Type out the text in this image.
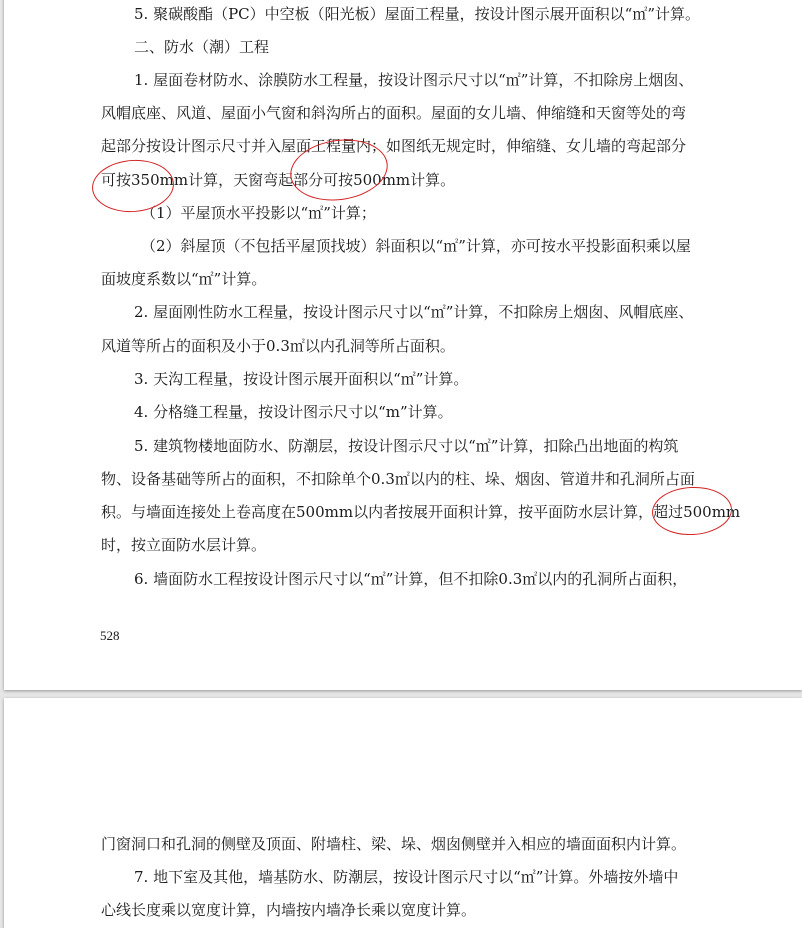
5. 聚碳酸酯（PC）中空板（阳光板）屋面工程量，按设计图示展开面积以“㎡”计算。
二、防水（潮）工程
1. 屋面卷材防水、涂膜防水工程量，按设计图示尺寸以“㎡”计算，不扣除房上烟囱、
风帽底座、风道、屋面小气窗和斜沟所占的面积。屋面的女儿墙、伸缩缝和天窗等处的弯
起部分按设计图示尺寸并入屋面工程量内；如图纸无规定时，伸缩缝、女儿墙的弯起部分
可按350mm计算，天窗弯起部分可按500mm计算。
（1）平屋顶水平投影以“㎡”计算；
（2）斜屋顶（不包括平屋顶找坡）斜面积以“㎡”计算，亦可按水平投影面积乘以屋
面坡度系数以“㎡”计算。
2. 屋面刚性防水工程量，按设计图示尺寸以“㎡”计算，不扣除房上烟囱、风帽底座、
风道等所占的面积及小于0.3㎡以内孔洞等所占面积。
3. 天沟工程量，按设计图示展开面积以“㎡”计算。
4. 分格缝工程量，按设计图示尺寸以“m”计算。
5. 建筑物楼地面防水、防潮层，按设计图示尺寸以“㎡”计算，扣除凸出地面的构筑
物、设备基础等所占的面积，不扣除单个0.3㎡以内的柱、垛、烟囱、管道井和孔洞所占面
积。与墙面连接处上卷高度在500mm以内者按展开面积计算，按平面防水层计算，超过500mm
时，按立面防水层计算。
6. 墙面防水工程按设计图示尺寸以“㎡”计算，但不扣除0.3㎡以内的孔洞所占面积，
528
门窗洞口和孔洞的侧壁及顶面、附墙柱、梁、垛、烟囱侧壁并入相应的墙面面积内计算。
7. 地下室及其他，墙基防水、防潮层，按设计图示尺寸以“㎡”计算。外墙按外墙中
心线长度乘以宽度计算，内墙按内墙净长乘以宽度计算。
